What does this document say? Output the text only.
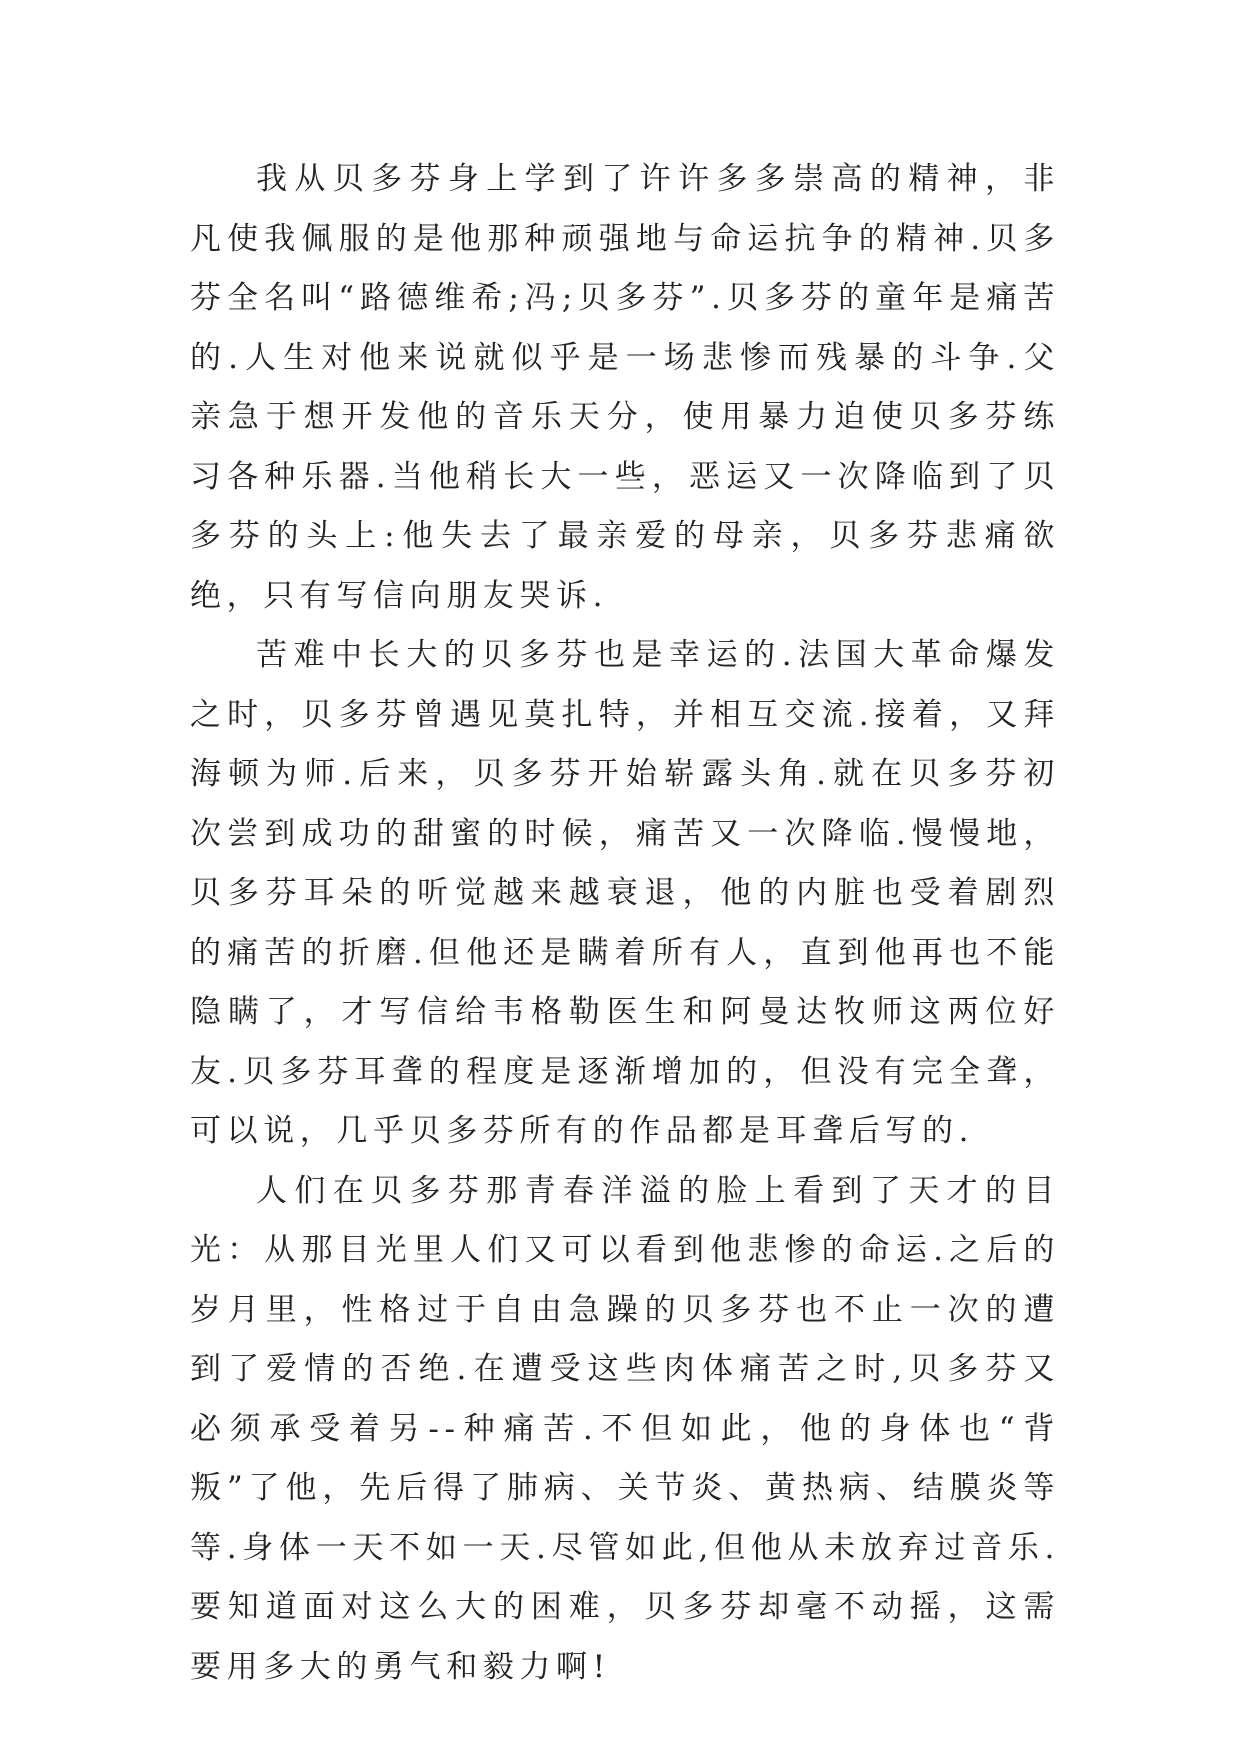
我从贝多芬身上学到了许许多多崇高的精神，非凡使我佩服的是他那种顽强地与命运抗争的精神.贝多芬全名叫“路德维希;冯;贝多芬”.贝多芬的童年是痛苦的.人生对他来说就似乎是一场悲惨而残暴的斗争.父亲急于想开发他的音乐天分，使用暴力迫使贝多芬练习各种乐器.当他稍长大一些，恶运又一次降临到了贝多芬的头上:他失去了最亲爱的母亲，贝多芬悲痛欲绝，只有写信向朋友哭诉.

苦难中长大的贝多芬也是幸运的.法国大革命爆发之时，贝多芬曾遇见莫扎特，并相互交流.接着，又拜海顿为师.后来，贝多芬开始崭露头角.就在贝多芬初次尝到成功的甜蜜的时候，痛苦又一次降临.慢慢地，贝多芬耳朵的听觉越来越衰退，他的内脏也受着剧烈的痛苦的折磨.但他还是瞒着所有人，直到他再也不能隐瞒了，才写信给韦格勒医生和阿曼达牧师这两位好友.贝多芬耳聋的程度是逐渐增加的，但没有完全聋，可以说，几乎贝多芬所有的作品都是耳聋后写的.

人们在贝多芬那青春洋溢的脸上看到了天才的目光：从那目光里人们又可以看到他悲惨的命运.之后的岁月里，性格过于自由急躁的贝多芬也不止一次的遭到了爱情的否绝.在遭受这些肉体痛苦之时,贝多芬又必须承受着另--种痛苦.不但如此，他的身体也“背叛”了他，先后得了肺病、关节炎、黄热病、结膜炎等等.身体一天不如一天.尽管如此,但他从未放弃过音乐.要知道面对这么大的困难，贝多芬却毫不动摇，这需要用多大的勇气和毅力啊!
